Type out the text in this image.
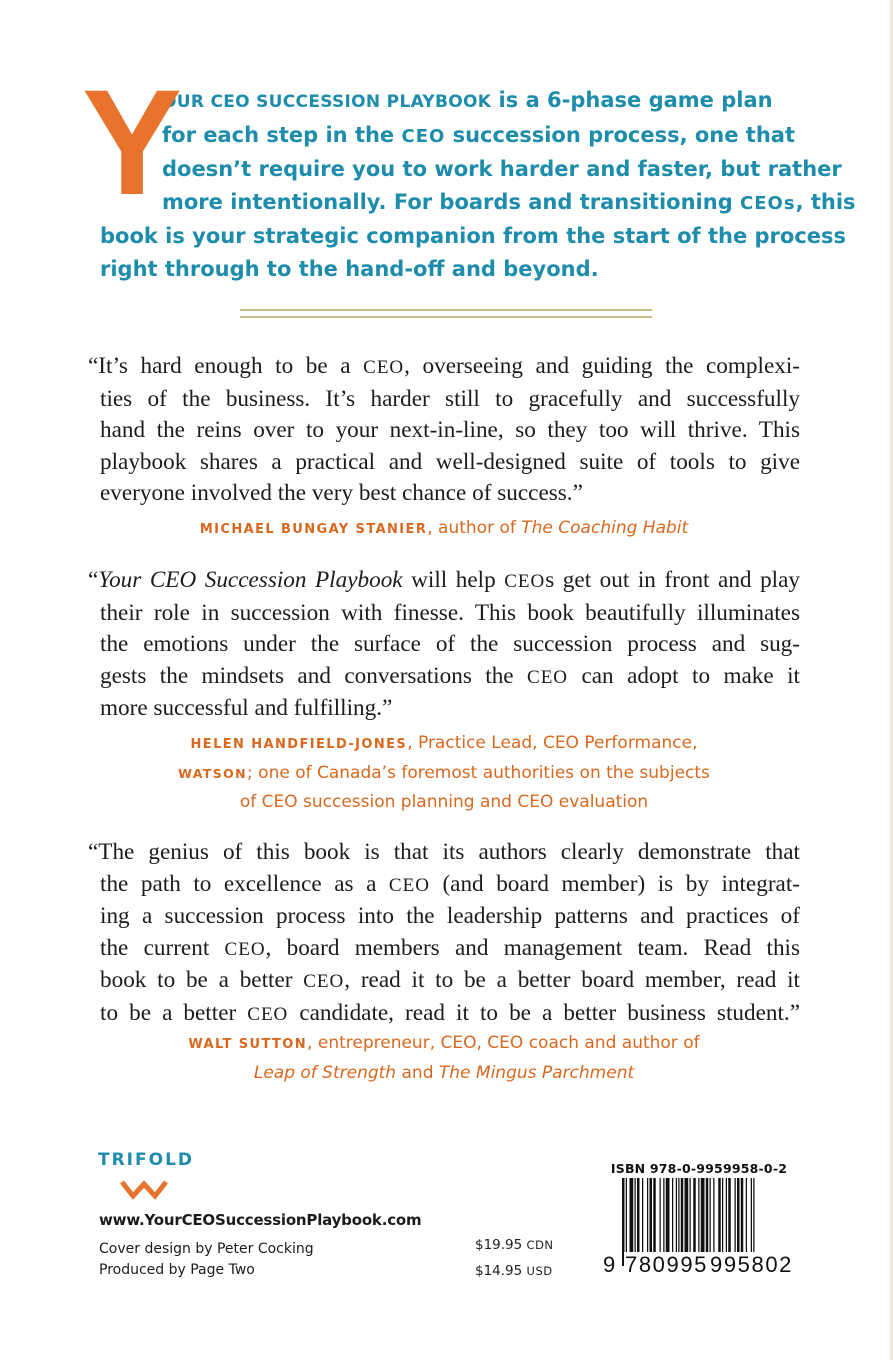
Y

OUR CEO SUCCESSION PLAYBOOK is a 6-phase game plan
for each step in the CEO succession process, one that
doesn’t require you to work harder and faster, but rather
more intentionally. For boards and transitioning CEOs, this
book is your strategic companion from the start of the process
right through to the hand-off and beyond.

“It’s hard enough to be a CEO, overseeing and guiding the complexi-
ties of the business. It’s harder still to gracefully and successfully
hand the reins over to your next-in-line, so they too will thrive. This
playbook shares a practical and well-designed suite of tools to give
everyone involved the very best chance of success.”
MICHAEL BUNGAY STANIER, author of The Coaching Habit
“Your CEO Succession Playbook will help CEOs get out in front and play
their role in succession with finesse. This book beautifully illuminates
the emotions under the surface of the succession process and sug-
gests the mindsets and conversations the CEO can adopt to make it
more successful and fulfilling.”
HELEN HANDFIELD-JONES, Practice Lead, CEO Performance,
WATSON; one of Canada’s foremost authorities on the subjects
of CEO succession planning and CEO evaluation
“The genius of this book is that its authors clearly demonstrate that
the path to excellence as a CEO (and board member) is by integrat-
ing a succession process into the leadership patterns and practices of
the current CEO, board members and management team. Read this
book to be a better CEO, read it to be a better board member, read it
to be a better CEO candidate, read it to be a better business student.”
WALT SUTTON, entrepreneur, CEO, CEO coach and author of
Leap of Strength and The Mingus Parchment
TRIFOLD
www.YourCEOSuccessionPlaybook.com
Cover design by Peter Cocking
Produced by Page Two
$19.95 CDN
$14.95 USD
ISBN 978-0-9959958-0-2
9 780995 995802
